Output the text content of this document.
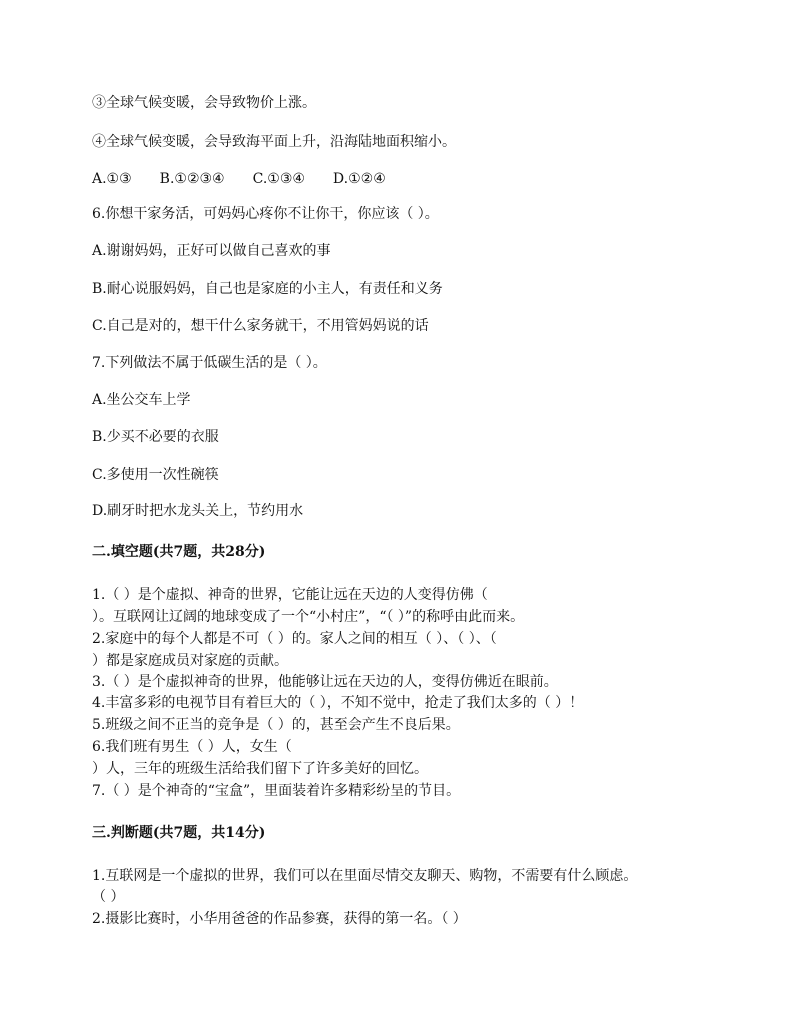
③全球气候变暖，会导致物价上涨。
④全球气候变暖，会导致海平面上升，沿海陆地面积缩小。
A.①③　　B.①②③④　　C.①③④　　D.①②④
6.你想干家务活，可妈妈心疼你不让你干，你应该（ ）。
A.谢谢妈妈，正好可以做自己喜欢的事
B.耐心说服妈妈，自己也是家庭的小主人，有责任和义务
C.自己是对的，想干什么家务就干，不用管妈妈说的话
7.下列做法不属于低碳生活的是（ ）。
A.坐公交车上学
B.少买不必要的衣服
C.多使用一次性碗筷
D.刷牙时把水龙头关上，节约用水
二.填空题(共7题，共28分)
1.（ ）是个虚拟、神奇的世界，它能让远在天边的人变得仿佛（
）。互联网让辽阔的地球变成了一个“小村庄”，“（ ）”的称呼由此而来。
2.家庭中的每个人都是不可（ ）的。家人之间的相互（ ）、（ ）、（
）都是家庭成员对家庭的贡献。
3.（ ）是个虚拟神奇的世界，他能够让远在天边的人，变得仿佛近在眼前。
4.丰富多彩的电视节目有着巨大的（ ），不知不觉中，抢走了我们太多的（ ）！
5.班级之间不正当的竞争是（ ）的，甚至会产生不良后果。
6.我们班有男生（ ）人，女生（
）人，三年的班级生活给我们留下了许多美好的回忆。
7.（ ）是个神奇的“宝盒”，里面装着许多精彩纷呈的节目。
三.判断题(共7题，共14分)
1.互联网是一个虚拟的世界，我们可以在里面尽情交友聊天、购物，不需要有什么顾虑。
（ ）
2.摄影比赛时，小华用爸爸的作品参赛，获得的第一名。（ ）
